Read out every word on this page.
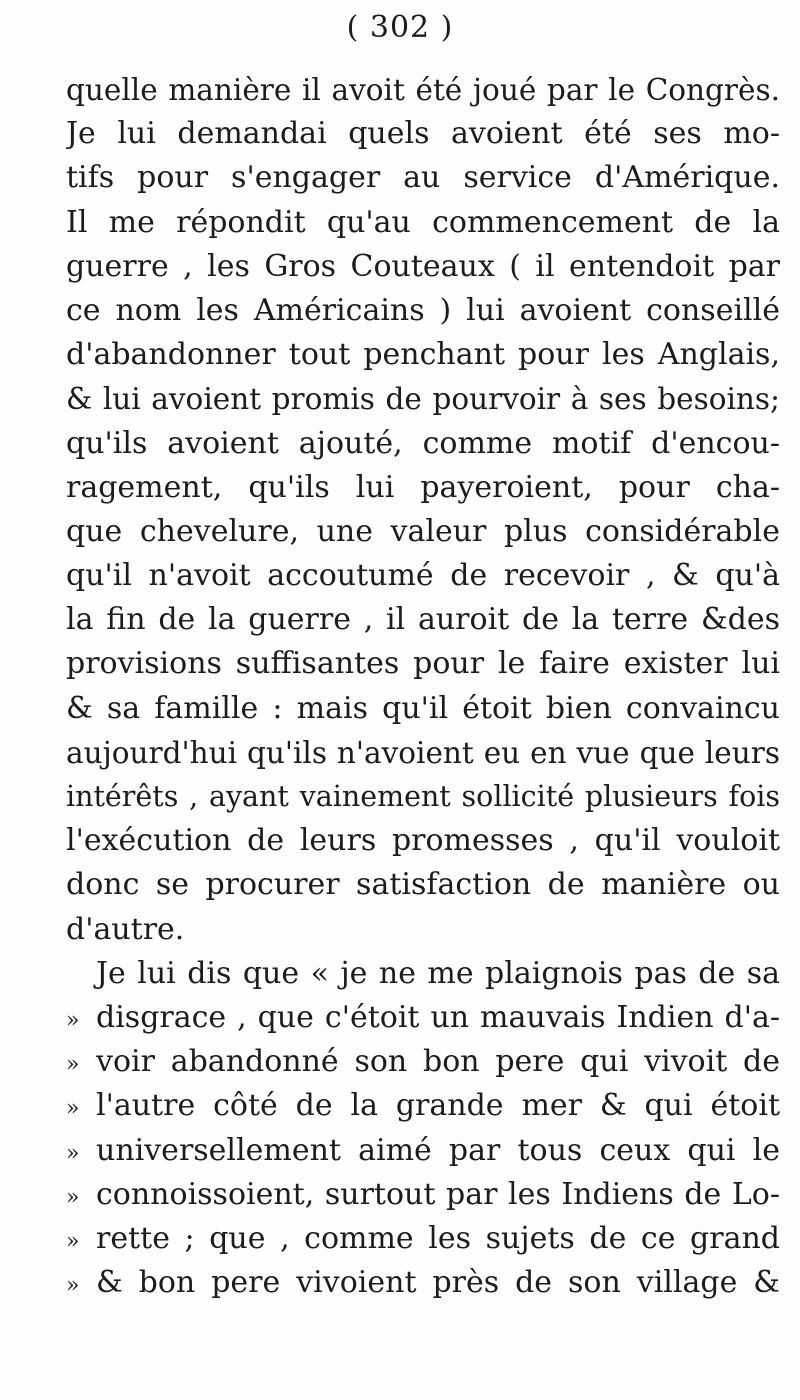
( 302 )
quelle manière il avoit été joué par le Congrès.
Je lui demandai quels avoient été ses mo-
tifs pour s'engager au service d'Amérique.
Il me répondit qu'au commencement de la
guerre , les Gros Couteaux ( il entendoit par
ce nom les Américains ) lui avoient conseillé
d'abandonner tout penchant pour les Anglais,
& lui avoient promis de pourvoir à ses besoins;
qu'ils avoient ajouté, comme motif d'encou-
ragement, qu'ils lui payeroient, pour cha-
que chevelure, une valeur plus considérable
qu'il n'avoit accoutumé de recevoir , & qu'à
la fin de la guerre , il auroit de la terre &des
provisions suffisantes pour le faire exister lui
& sa famille : mais qu'il étoit bien convaincu
aujourd'hui qu'ils n'avoient eu en vue que leurs
intérêts , ayant vainement sollicité plusieurs fois
l'exécution de leurs promesses , qu'il vouloit
donc se procurer satisfaction de manière ou
d'autre.
Je lui dis que « je ne me plaignois pas de sa
» disgrace , que c'étoit un mauvais Indien d'a-
» voir abandonné son bon pere qui vivoit de
» l'autre côté de la grande mer & qui étoit
» universellement aimé par tous ceux qui le
» connoissoient, surtout par les Indiens de Lo-
» rette ; que , comme les sujets de ce grand
» & bon pere vivoient près de son village &
